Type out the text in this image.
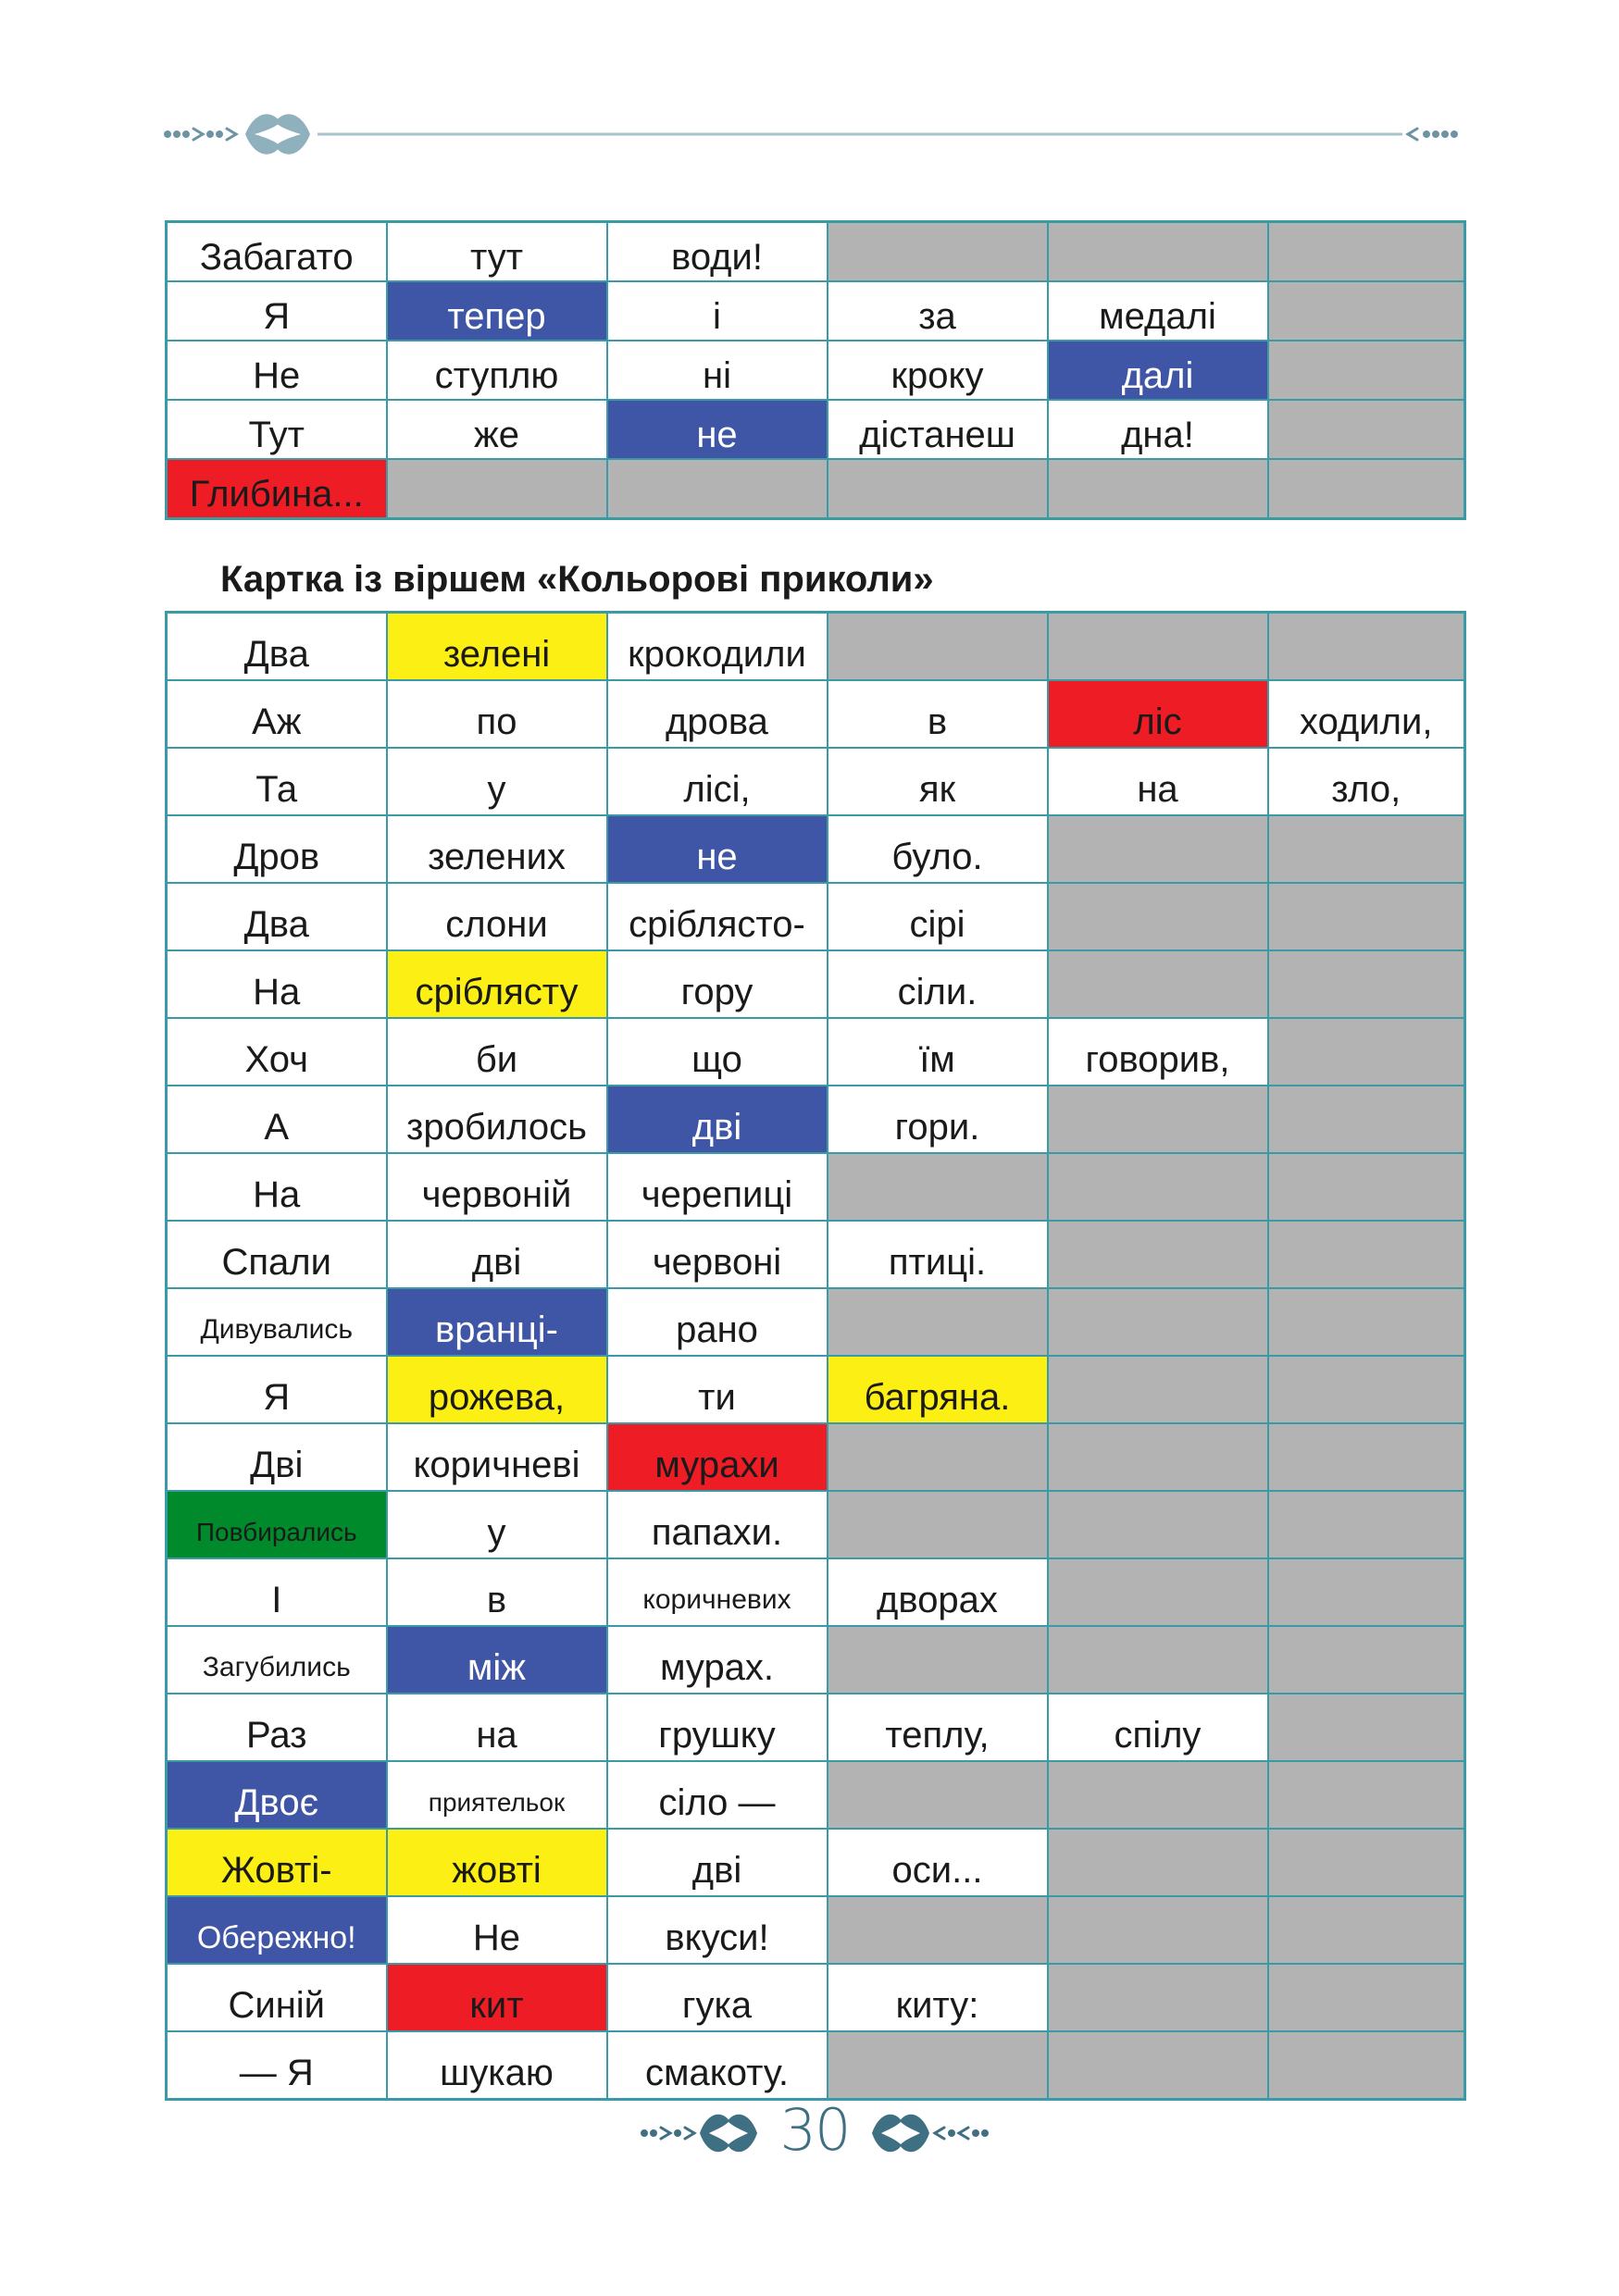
Забагато	тут	води!			
Я	тепер	і	за	медалі	
Не	ступлю	ні	кроку	далі	
Тут	же	не	дістанеш	дна!	
Глибина...					
Картка із віршем «Кольорові приколи»
Два	зелені	крокодили			
Аж	по	дрова	в	ліс	ходили,
Та	у	лісі,	як	на	зло,
Дров	зелених	не	було.		
Два	слони	сріблясто-	сірі		
На	сріблясту	гору	сіли.		
Хоч	би	що	їм	говорив,	
А	зробилось	дві	гори.		
На	червоній	черепиці			
Спали	дві	червоні	птиці.		
Дивувались	вранці-	рано			
Я	рожева,	ти	багряна.		
Дві	коричневі	мурахи			
Повбирались	у	папахи.			
І	в	коричневих	дворах		
Загубились	між	мурах.			
Раз	на	грушку	теплу,	спілу	
Двоє	приятельок	сіло —			
Жовті-	жовті	дві	оси...		
Обережно!	Не	вкуси!			
Синій	кит	гука	киту:		
— Я	шукаю	смакоту.			
30
